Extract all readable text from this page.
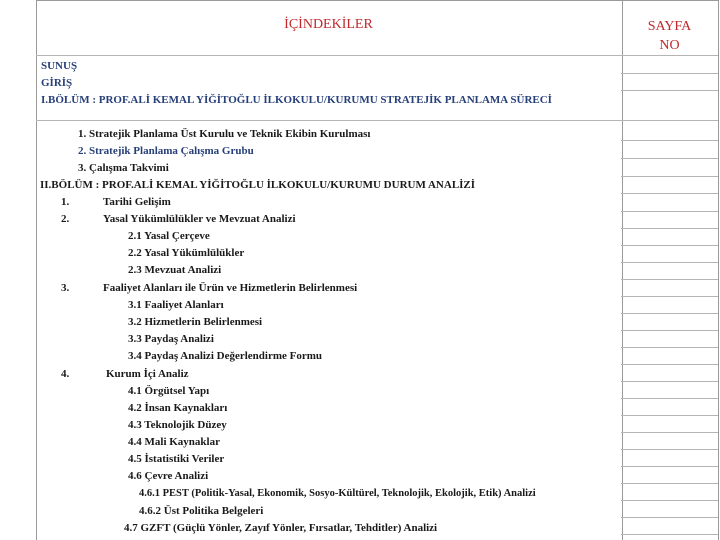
İÇİNDEKİLER	SAYFA
NO
SUNUŞ
GİRİŞ
I.BÖLÜM : PROF.ALİ KEMAL YİĞİTOĞLU İLKOKULU/KURUMU STRATEJİK PLANLAMA SÜRECİ
1. Stratejik Planlama Üst Kurulu ve Teknik Ekibin Kurulması
2. Stratejik Planlama Çalışma Grubu
3. Çalışma Takvimi
II.BÖLÜM : PROF.ALİ KEMAL YİĞİTOĞLU İLKOKULU/KURUMU DURUM ANALİZİ
1.	Tarihi Gelişim
2.	Yasal Yükümlülükler ve Mevzuat Analizi
2.1 Yasal Çerçeve
2.2 Yasal Yükümlülükler
2.3 Mevzuat Analizi
3.	Faaliyet Alanları ile Ürün ve Hizmetlerin Belirlenmesi
3.1 Faaliyet Alanları
3.2 Hizmetlerin Belirlenmesi
3.3 Paydaş Analizi
3.4 Paydaş Analizi Değerlendirme Formu
4.	Kurum İçi Analiz
4.1 Örgütsel Yapı
4.2 İnsan Kaynakları
4.3 Teknolojik Düzey
4.4 Mali Kaynaklar
4.5 İstatistiki Veriler
4.6 Çevre Analizi
4.6.1 PEST (Politik-Yasal, Ekonomik, Sosyo-Kültürel, Teknolojik, Ekolojik, Etik) Analizi
4.6.2 Üst Politika Belgeleri
4.7 GZFT (Güçlü Yönler, Zayıf Yönler, Fırsatlar, Tehditler) Analizi
